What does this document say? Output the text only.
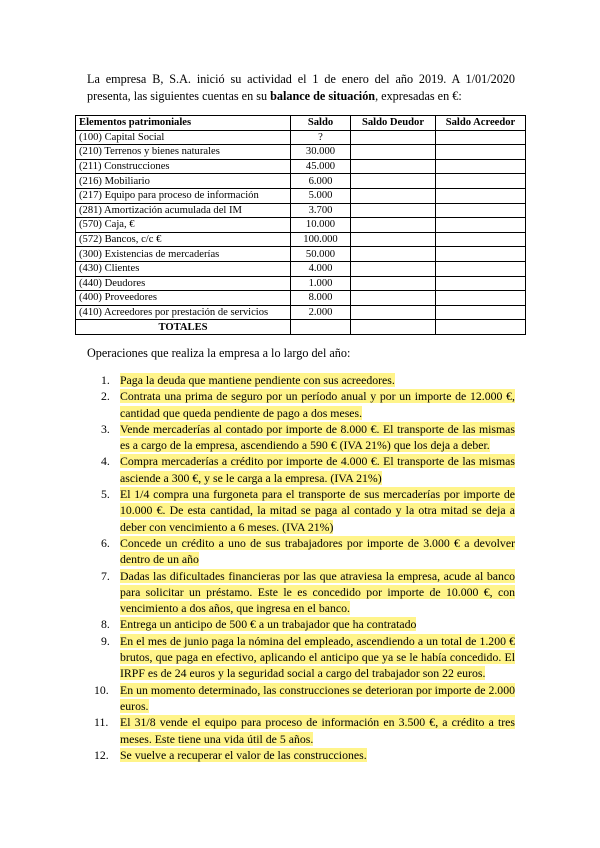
La empresa B, S.A. inició su actividad el 1 de enero del año 2019. A 1/01/2020 presenta, las siguientes cuentas en su balance de situación, expresadas en €:

Elementos patrimoniales	Saldo	Saldo Deudor	Saldo Acreedor
(100) Capital Social	?		
(210) Terrenos y bienes naturales	30.000		
(211) Construcciones	45.000		
(216) Mobiliario	6.000		
(217) Equipo para proceso de información	5.000		
(281) Amortización acumulada del IM	3.700		
(570) Caja, €	10.000		
(572) Bancos, c/c €	100.000		
(300) Existencias de mercaderías	50.000		
(430) Clientes	4.000		
(440) Deudores	1.000		
(400) Proveedores	8.000		
(410) Acreedores por prestación de servicios	2.000		
TOTALES			

Operaciones que realiza la empresa a lo largo del año:

1. Paga la deuda que mantiene pendiente con sus acreedores.
2. Contrata una prima de seguro por un período anual y por un importe de 12.000 €, cantidad que queda pendiente de pago a dos meses.
3. Vende mercaderías al contado por importe de 8.000 €. El transporte de las mismas es a cargo de la empresa, ascendiendo a 590 € (IVA 21%) que los deja a deber.
4. Compra mercaderías a crédito por importe de 4.000 €. El transporte de las mismas asciende a 300 €, y se le carga a la empresa. (IVA 21%)
5. El 1/4 compra una furgoneta para el transporte de sus mercaderías por importe de 10.000 €. De esta cantidad, la mitad se paga al contado y la otra mitad se deja a deber con vencimiento a 6 meses. (IVA 21%)
6. Concede un crédito a uno de sus trabajadores por importe de 3.000 € a devolver dentro de un año
7. Dadas las dificultades financieras por las que atraviesa la empresa, acude al banco para solicitar un préstamo. Este le es concedido por importe de 10.000 €, con vencimiento a dos años, que ingresa en el banco.
8. Entrega un anticipo de 500 € a un trabajador que ha contratado
9. En el mes de junio paga la nómina del empleado, ascendiendo a un total de 1.200 € brutos, que paga en efectivo, aplicando el anticipo que ya se le había concedido. El IRPF es de 24 euros y la seguridad social a cargo del trabajador son 22 euros.
10. En un momento determinado, las construcciones se deterioran por importe de 2.000 euros.
11. El 31/8 vende el equipo para proceso de información en 3.500 €, a crédito a tres meses. Este tiene una vida útil de 5 años.
12. Se vuelve a recuperar el valor de las construcciones.
